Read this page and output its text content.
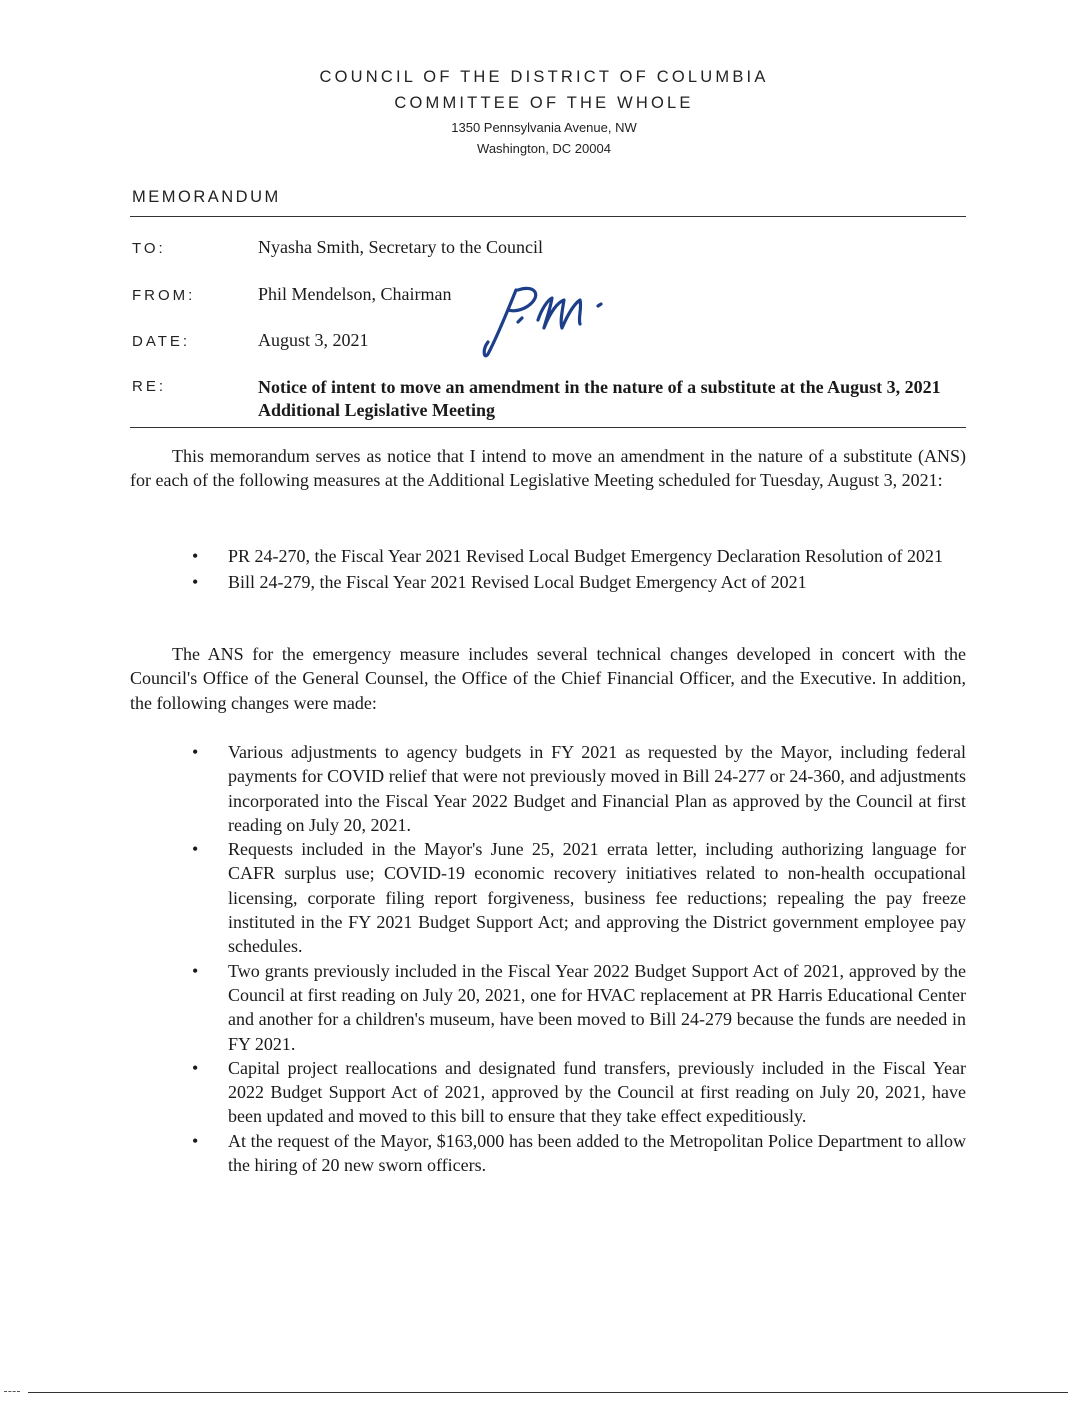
COUNCIL OF THE DISTRICT OF COLUMBIA
COMMITTEE OF THE WHOLE
1350 Pennsylvania Avenue, NW
Washington, DC 20004
MEMORANDUM
TO:	Nyasha Smith, Secretary to the Council
FROM:	Phil Mendelson, Chairman
DATE:	August 3, 2021
RE:	Notice of intent to move an amendment in the nature of a substitute at the August 3, 2021 Additional Legislative Meeting
This memorandum serves as notice that I intend to move an amendment in the nature of a substitute (ANS) for each of the following measures at the Additional Legislative Meeting scheduled for Tuesday, August 3, 2021:
• PR 24-270, the Fiscal Year 2021 Revised Local Budget Emergency Declaration Resolution of 2021
• Bill 24-279, the Fiscal Year 2021 Revised Local Budget Emergency Act of 2021
The ANS for the emergency measure includes several technical changes developed in concert with the Council's Office of the General Counsel, the Office of the Chief Financial Officer, and the Executive. In addition, the following changes were made:
• Various adjustments to agency budgets in FY 2021 as requested by the Mayor, including federal payments for COVID relief that were not previously moved in Bill 24-277 or 24-360, and adjustments incorporated into the Fiscal Year 2022 Budget and Financial Plan as approved by the Council at first reading on July 20, 2021.
• Requests included in the Mayor's June 25, 2021 errata letter, including authorizing language for CAFR surplus use; COVID-19 economic recovery initiatives related to non-health occupational licensing, corporate filing report forgiveness, business fee reductions; repealing the pay freeze instituted in the FY 2021 Budget Support Act; and approving the District government employee pay schedules.
• Two grants previously included in the Fiscal Year 2022 Budget Support Act of 2021, approved by the Council at first reading on July 20, 2021, one for HVAC replacement at PR Harris Educational Center and another for a children's museum, have been moved to Bill 24-279 because the funds are needed in FY 2021.
• Capital project reallocations and designated fund transfers, previously included in the Fiscal Year 2022 Budget Support Act of 2021, approved by the Council at first reading on July 20, 2021, have been updated and moved to this bill to ensure that they take effect expeditiously.
• At the request of the Mayor, $163,000 has been added to the Metropolitan Police Department to allow the hiring of 20 new sworn officers.
